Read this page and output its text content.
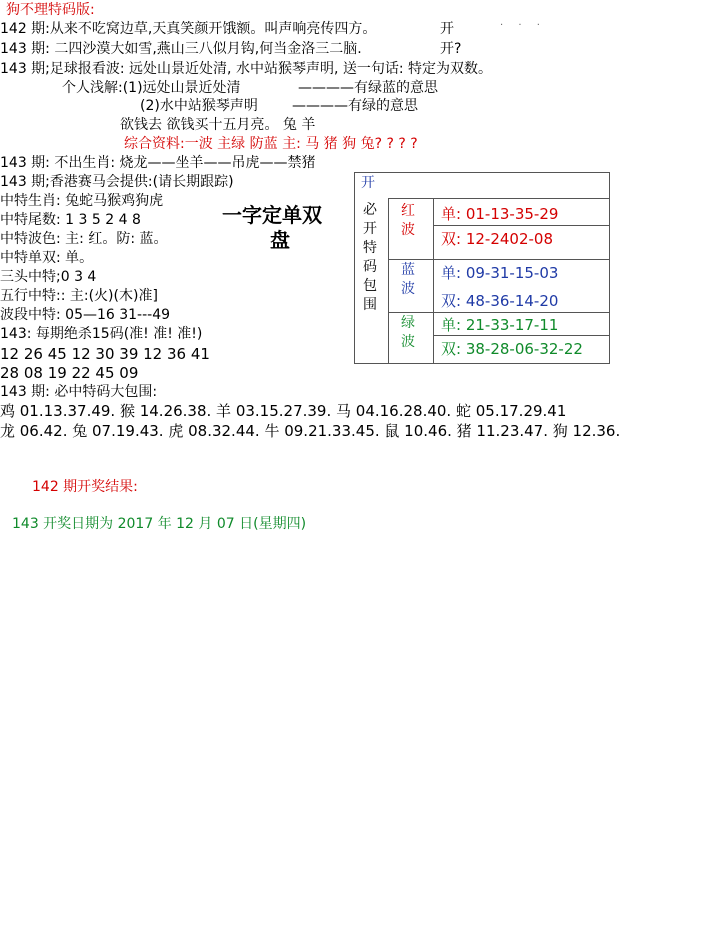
狗不理特码版:
142 期:从来不吃窝边草,天真笑颜开饿额。叫声响亮传四方。	开	. . .
143 期: 二四沙漠大如雪,燕山三八似月钩,何当金洛三二脑.	开?
143 期;足球报看波: 远处山景近处清, 水中站猴琴声明, 送一句话: 特定为双数。
个人浅解:(1)远处山景近处清	————有绿蓝的意思
(2)水中站猴琴声明 ————有绿的意思
欲钱去 欲钱买十五月亮。 兔 羊
综合资料:一波 主绿 防蓝 主: 马 猪 狗 兔? ? ? ?
143 期: 不出生肖: 烧龙——坐羊——吊虎——禁猪
143 期;香港赛马会提供:(请长期跟踪)
中特生肖: 兔蛇马猴鸡狗虎
中特尾数: 1 3 5 2 4 8
中特波色: 主: 红。防: 蓝。
中特单双: 单。
三头中特;0 3 4
五行中特:: 主:(火)(木)准]
波段中特: 05—16 31---49
143: 每期绝杀15码(准! 准! 准!)
12 26 45 12 30 39 12 36 41
28 08 19 22 45 09
143 期: 必中特码大包围:
鸡 01.13.37.49. 猴 14.26.38. 羊 03.15.27.39. 马 04.16.28.40. 蛇 05.17.29.41
龙 06.42. 兔 07.19.43. 虎 08.32.44. 牛 09.21.33.45. 鼠 10.46. 猪 11.23.47. 狗 12.36.
一字定单双
盘
开
必开特码包围
红波
单: 01-13-35-29
双: 12-2402-08
蓝波
单: 09-31-15-03
双: 48-36-14-20
绿波
单: 21-33-17-11
双: 38-28-06-32-22
142 期开奖结果:
143 开奖日期为 2017 年 12 月 07 日(星期四)
